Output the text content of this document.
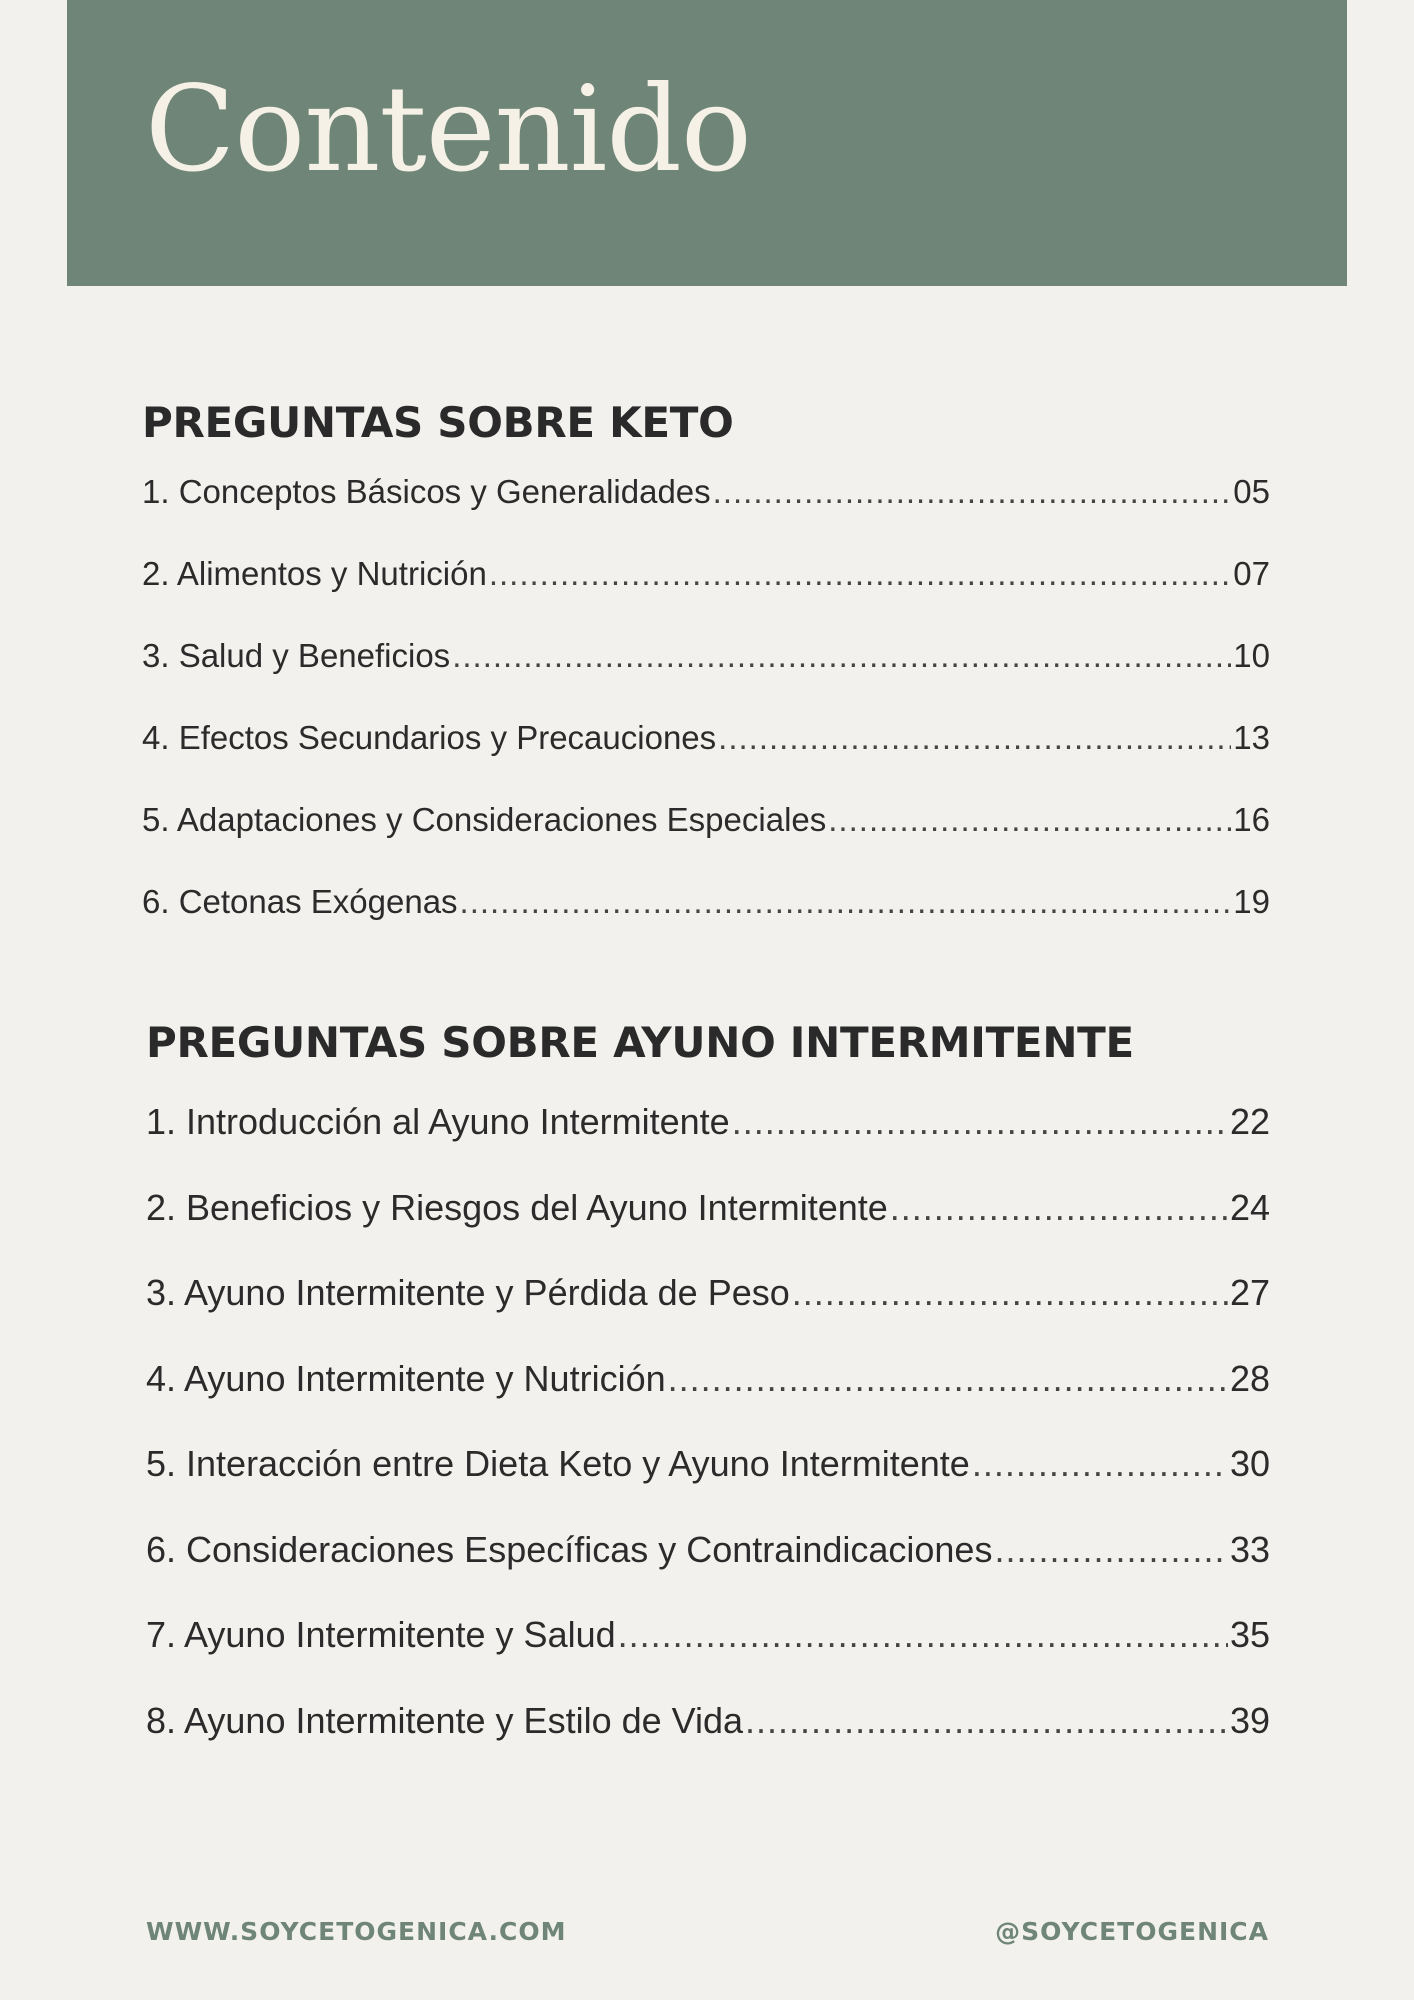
Contenido
PREGUNTAS SOBRE KETO
1. Conceptos Básicos y Generalidades .....	05
2. Alimentos y Nutrición .....	07
3. Salud y Beneficios .....	10
4. Efectos Secundarios y Precauciones .....	13
5. Adaptaciones y Consideraciones Especiales .....	16
6. Cetonas Exógenas .....	19
PREGUNTAS SOBRE AYUNO INTERMITENTE
1. Introducción al Ayuno Intermitente .....	22
2. Beneficios y Riesgos del Ayuno Intermitente .....	24
3. Ayuno Intermitente y Pérdida de Peso .....	27
4. Ayuno Intermitente y Nutrición .....	28
5. Interacción entre Dieta Keto y Ayuno Intermitente .....	30
6. Consideraciones Específicas y Contraindicaciones .....	33
7. Ayuno Intermitente y Salud .....	35
8. Ayuno Intermitente y Estilo de Vida .....	39
WWW.SOYCETOGENICA.COM	@SOYCETOGENICA
